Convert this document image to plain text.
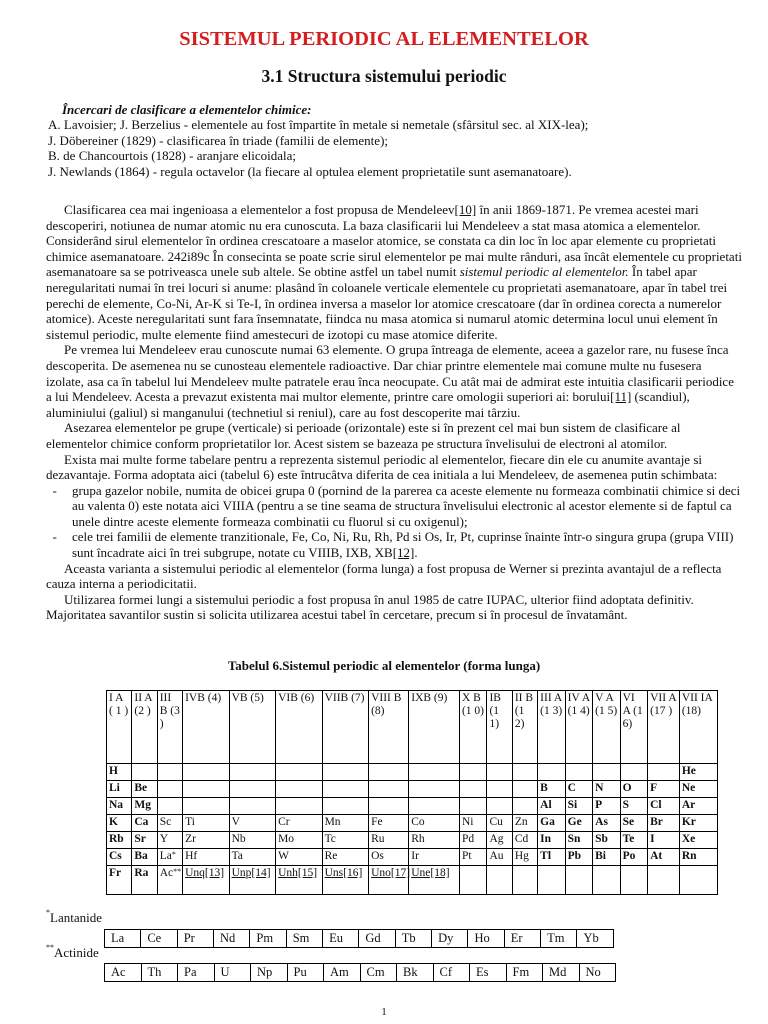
SISTEMUL PERIODIC AL ELEMENTELOR
3.1 Structura sistemului periodic
Încercari de clasificare a elementelor chimice:
A. Lavoisier; J. Berzelius - elementele au fost împartite în metale si nemetale (sfârsitul sec. al XIX-lea);
J. Döbereiner (1829) - clasificarea în triade (familii de elemente);
B. de Chancourtois (1828) - aranjare elicoidala;
J. Newlands (1864) - regula octavelor (la fiecare al optulea element proprietatile sunt asemanatoare).

Clasificarea cea mai ingenioasa a elementelor a fost propusa de Mendeleev[10] în anii 1869-1871. Pe vremea acestei mari descoperiri, notiunea de numar atomic nu era cunoscuta. La baza clasificarii lui Mendeleev a stat masa atomica a elementelor. Considerând sirul elementelor în ordinea crescatoare a maselor atomice, se constata ca din loc în loc apar elemente cu proprietati chimice asemanatoare. 242i89c În consecinta se poate scrie sirul elementelor pe mai multe rânduri, asa încât elementele cu proprietati asemanatoare sa se potriveasca unele sub altele. Se obtine astfel un tabel numit sistemul periodic al elementelor. În tabel apar neregularitati numai în trei locuri si anume: plasând în coloanele verticale elementele cu proprietati asemanatoare, apar în tabel trei perechi de elemente, Co-Ni, Ar-K si Te-I, în ordinea inversa a maselor lor atomice crescatoare (dar în ordinea corecta a numerelor atomice). Aceste neregularitati sunt fara însemnatate, fiindca nu masa atomica si numarul atomic determina locul unui element în sistemul periodic, multe elemente fiind amestecuri de izotopi cu mase atomice diferite.

Pe vremea lui Mendeleev erau cunoscute numai 63 elemente. O grupa întreaga de elemente, aceea a gazelor rare, nu fusese înca descoperita. De asemenea nu se cunosteau elementele radioactive. Dar chiar printre elementele mai comune multe nu fusesera izolate, asa ca în tabelul lui Mendeleev multe patratele erau înca neocupate. Cu atât mai de admirat este intuitia clasificarii periodice a lui Mendeleev. Acesta a prevazut existenta mai multor elemente, printre care omologii superiori ai: borului[11] (scandiul), aluminiului (galiul) si manganului (technetiul si reniul), care au fost descoperite mai târziu.

Asezarea elementelor pe grupe (verticale) si perioade (orizontale) este si în prezent cel mai bun sistem de clasificare al elementelor chimice conform proprietatilor lor. Acest sistem se bazeaza pe structura învelisului de electroni al atomilor.

Exista mai multe forme tabelare pentru a reprezenta sistemul periodic al elementelor, fiecare din ele cu anumite avantaje si dezavantaje. Forma adoptata aici (tabelul 6) este întrucâtva diferita de cea initiala a lui Mendeleev, de asemenea putin schimbata:

-	grupa gazelor nobile, numita de obicei grupa 0 (pornind de la parerea ca aceste elemente nu formeaza combinatii chimice si deci au valenta 0) este notata aici VIIIA (pentru a se tine seama de structura învelisului electronic al acestor elemente si de faptul ca unele dintre aceste elemente formeaza combinatii cu fluorul si cu oxigenul);
-	cele trei familii de elemente tranzitionale, Fe, Co, Ni, Ru, Rh, Pd si Os, Ir, Pt, cuprinse înainte într-o singura grupa (grupa VIII) sunt încadrate aici în trei subgrupe, notate cu VIIIB, IXB, XB[12].

Aceasta varianta a sistemului periodic al elementelor (forma lunga) a fost propusa de Werner si prezinta avantajul de a reflecta cauza interna a periodicitatii.

Utilizarea formei lungi a sistemului periodic a fost propusa în anul 1985 de catre IUPAC, ulterior fiind adoptata definitiv. Majoritatea savantilor sustin si solicita utilizarea acestui tabel în cercetare, precum si în procesul de învatamânt.

Tabelul 6.Sistemul periodic al elementelor (forma lunga)
I A ( 1 )	II A (2 )	III B (3 )	IVB (4)	VB (5)	VIB (6)	VIIB (7)	VIII B (8)	IXB (9)	X B (1 0)	IB (1 1)	II B (1 2)	III A (1 3)	IV A (1 4)	V A (1 5)	VI A (1 6)	VII A (17 )	VII IA (18)
H																	He
Li	Be											B	C	N	O	F	Ne
Na	Mg											Al	Si	P	S	Cl	Ar
K	Ca	Sc	Ti	V	Cr	Mn	Fe	Co	Ni	Cu	Zn	Ga	Ge	As	Se	Br	Kr
Rb	Sr	Y	Zr	Nb	Mo	Tc	Ru	Rh	Pd	Ag	Cd	In	Sn	Sb	Te	I	Xe
Cs	Ba	La*	Hf	Ta	W	Re	Os	Ir	Pt	Au	Hg	Tl	Pb	Bi	Po	At	Rn
Fr	Ra	Ac**	Unq[13]	Unp[14]	Unh[15]	Uns[16]	Uno[17]	Une[18]									
*Lantanide
La	Ce	Pr	Nd	Pm	Sm	Eu	Gd	Tb	Dy	Ho	Er	Tm	Yb
**Actinide
Ac	Th	Pa	U	Np	Pu	Am	Cm	Bk	Cf	Es	Fm	Md	No
1
